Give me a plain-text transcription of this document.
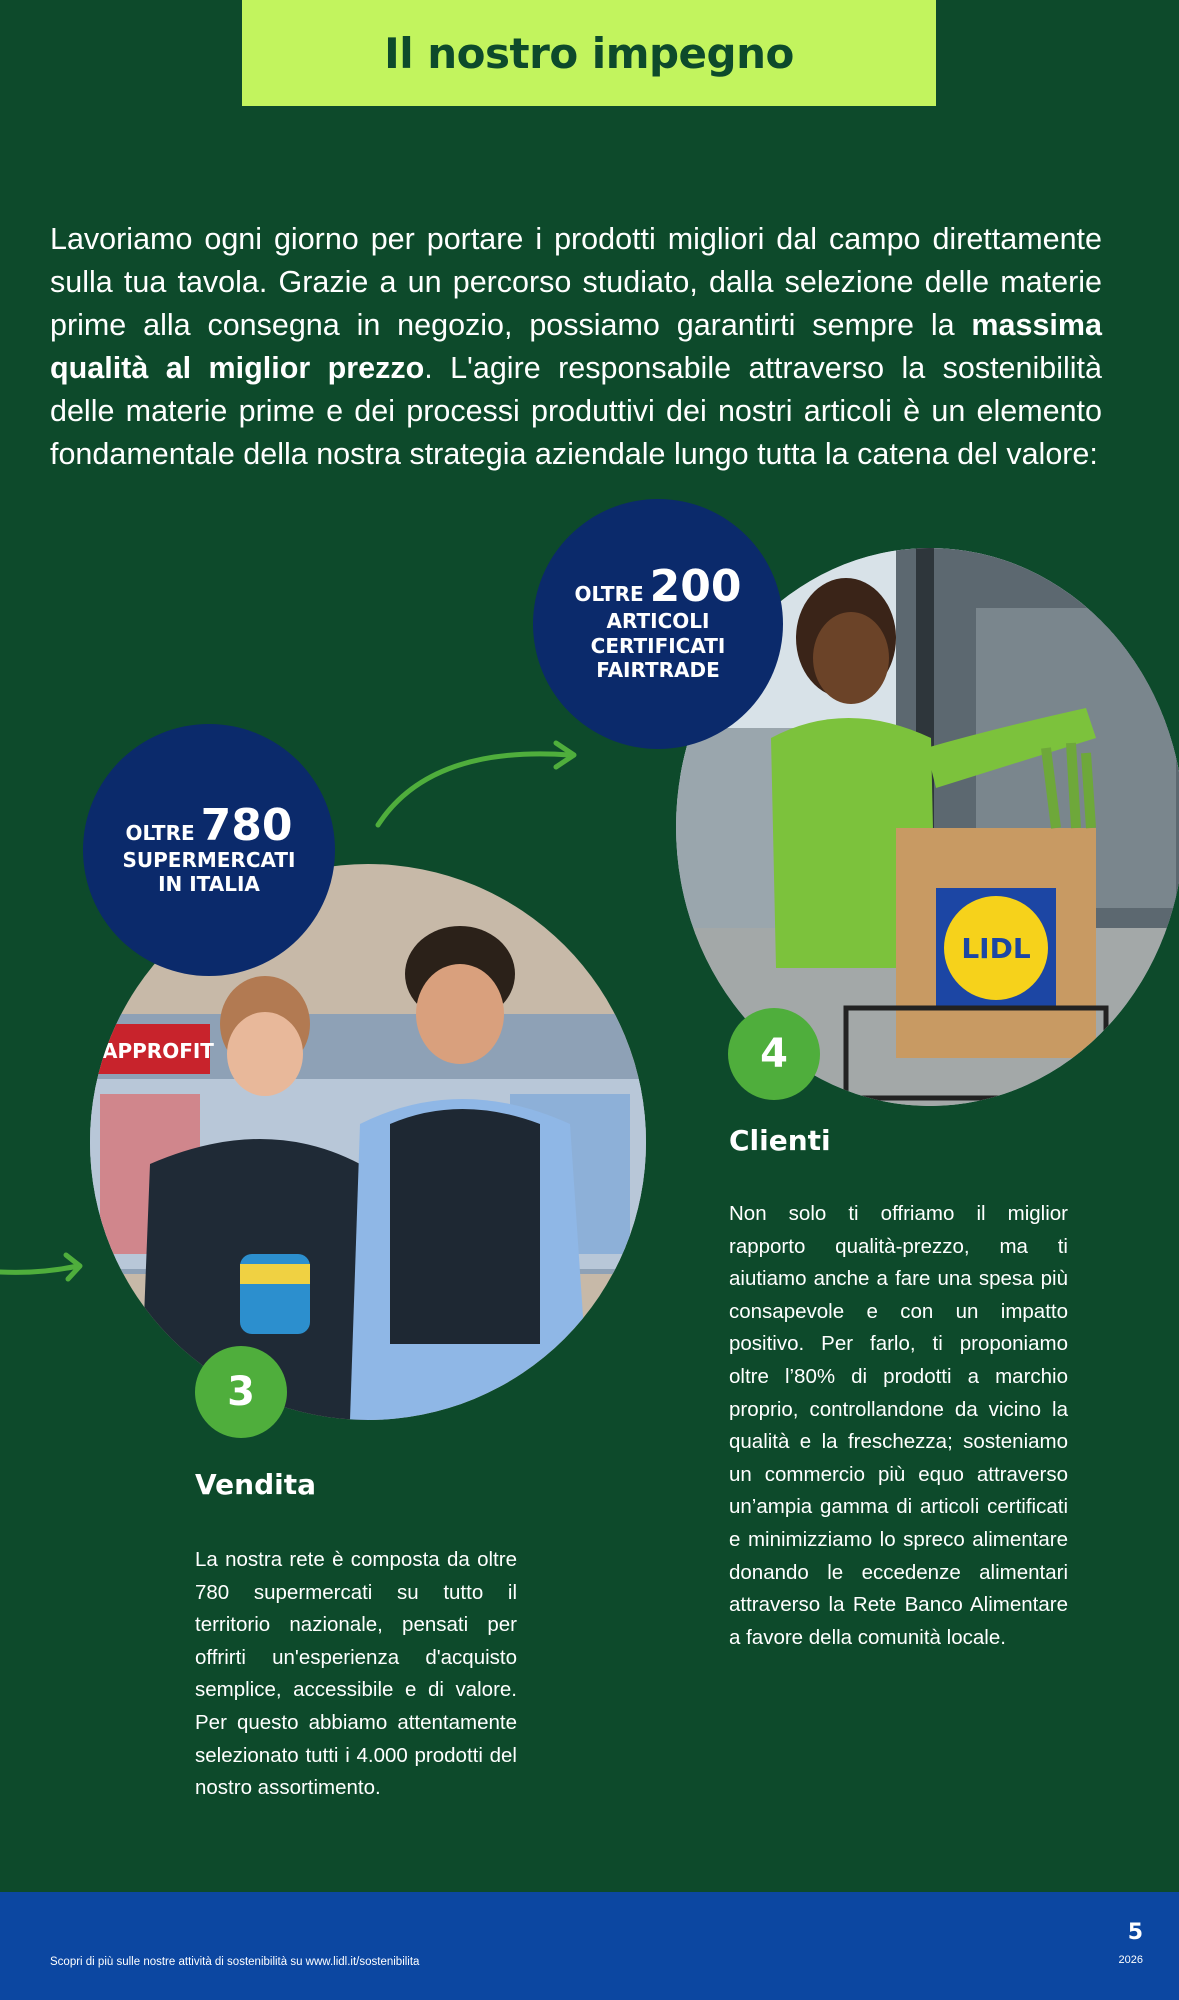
Il nostro impegno

Lavoriamo ogni giorno per portare i prodotti migliori dal campo direttamente sulla tua tavola. Grazie a un percorso studiato, dalla selezione delle materie prime alla consegna in negozio, possiamo garantirti sempre la massima qualità al miglior prezzo. L'agire responsabile attraverso la sostenibilità delle materie prime e dei processi produttivi dei nostri articoli è un elemento fondamentale della nostra strategia aziendale lungo tutta la catena del valore:

LIDL
OLTRE 200
ARTICOLI
CERTIFICATI
FAIRTRADE
APPROFIT
OLTRE 780
SUPERMERCATI
IN ITALIA
4
Clienti

Non solo ti offriamo il miglior rapporto qualità-prezzo, ma ti aiutiamo anche a fare una spesa più consapevole e con un impatto positivo. Per farlo, ti proponiamo oltre l’80% di prodotti a marchio proprio, controllandone da vicino la qualità e la freschezza; sosteniamo un commercio più equo attraverso un’ampia gamma di articoli certificati e minimizziamo lo spreco alimentare donando le eccedenze alimentari attraverso la Rete Banco Alimentare a favore della comunità locale.

3
Vendita

La nostra rete è composta da oltre 780 supermercati su tutto il territorio nazionale, pensati per offrirti un'esperienza d'acquisto semplice, accessibile e di valore. Per questo abbiamo attentamente selezionato tutti i 4.000 prodotti del nostro assortimento.

Scopri di più sulle nostre attività di sostenibilità su www.lidl.it/sostenibilita
5
2026
